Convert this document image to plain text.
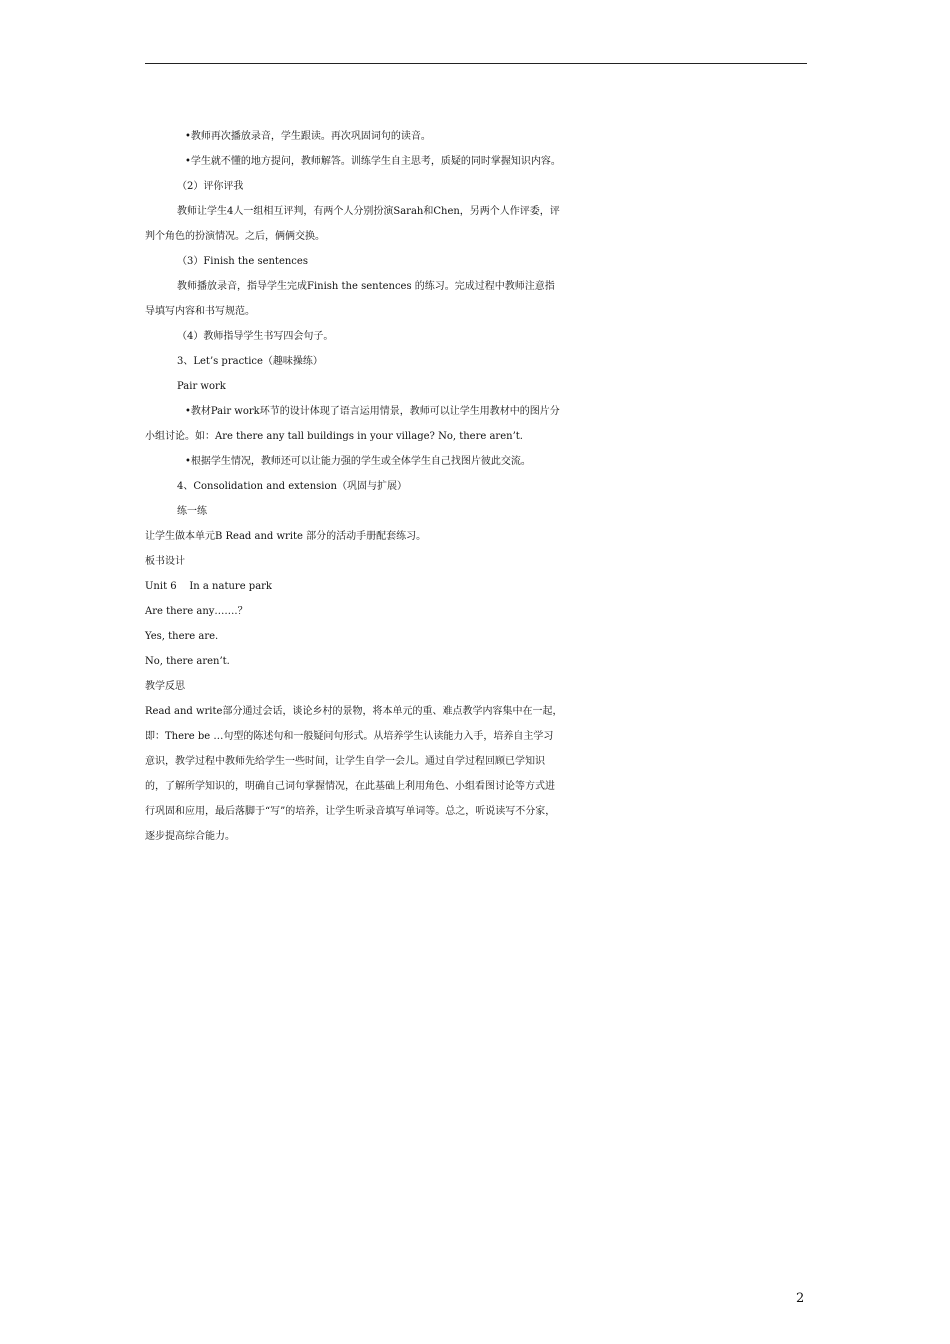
•教师再次播放录音，学生跟读。再次巩固词句的读音。
•学生就不懂的地方提问，教师解答。训练学生自主思考，质疑的同时掌握知识内容。
（2）评你评我
教师让学生4人一组相互评判，有两个人分别扮演Sarah和Chen，另两个人作评委，评
判个角色的扮演情况。之后，俩俩交换。
（3）Finish the sentences
教师播放录音，指导学生完成Finish the sentences 的练习。完成过程中教师注意指
导填写内容和书写规范。
（4）教师指导学生书写四会句子。
3、Let’s practice（趣味操练）
Pair work
•教材Pair work环节的设计体现了语言运用情景，教师可以让学生用教材中的图片分
小组讨论。如：Are there any tall buildings in your village? No, there aren’t.
•根据学生情况，教师还可以让能力强的学生或全体学生自己找图片彼此交流。
4、Consolidation and extension（巩固与扩展）
练一练
让学生做本单元B Read and write 部分的活动手册配套练习。
板书设计
Unit 6    In a nature park
Are there any…….？
Yes, there are.
No, there aren’t.
教学反思
Read and write部分通过会话，谈论乡村的景物，将本单元的重、难点教学内容集中在一起，
即：There be …句型的陈述句和一般疑问句形式。从培养学生认读能力入手，培养自主学习
意识，教学过程中教师先给学生一些时间，让学生自学一会儿。通过自学过程回顾已学知识
的，了解所学知识的，明确自己词句掌握情况，在此基础上利用角色、小组看图讨论等方式进
行巩固和应用，最后落脚于“写”的培养，让学生听录音填写单词等。总之，听说读写不分家，
逐步提高综合能力。
2
